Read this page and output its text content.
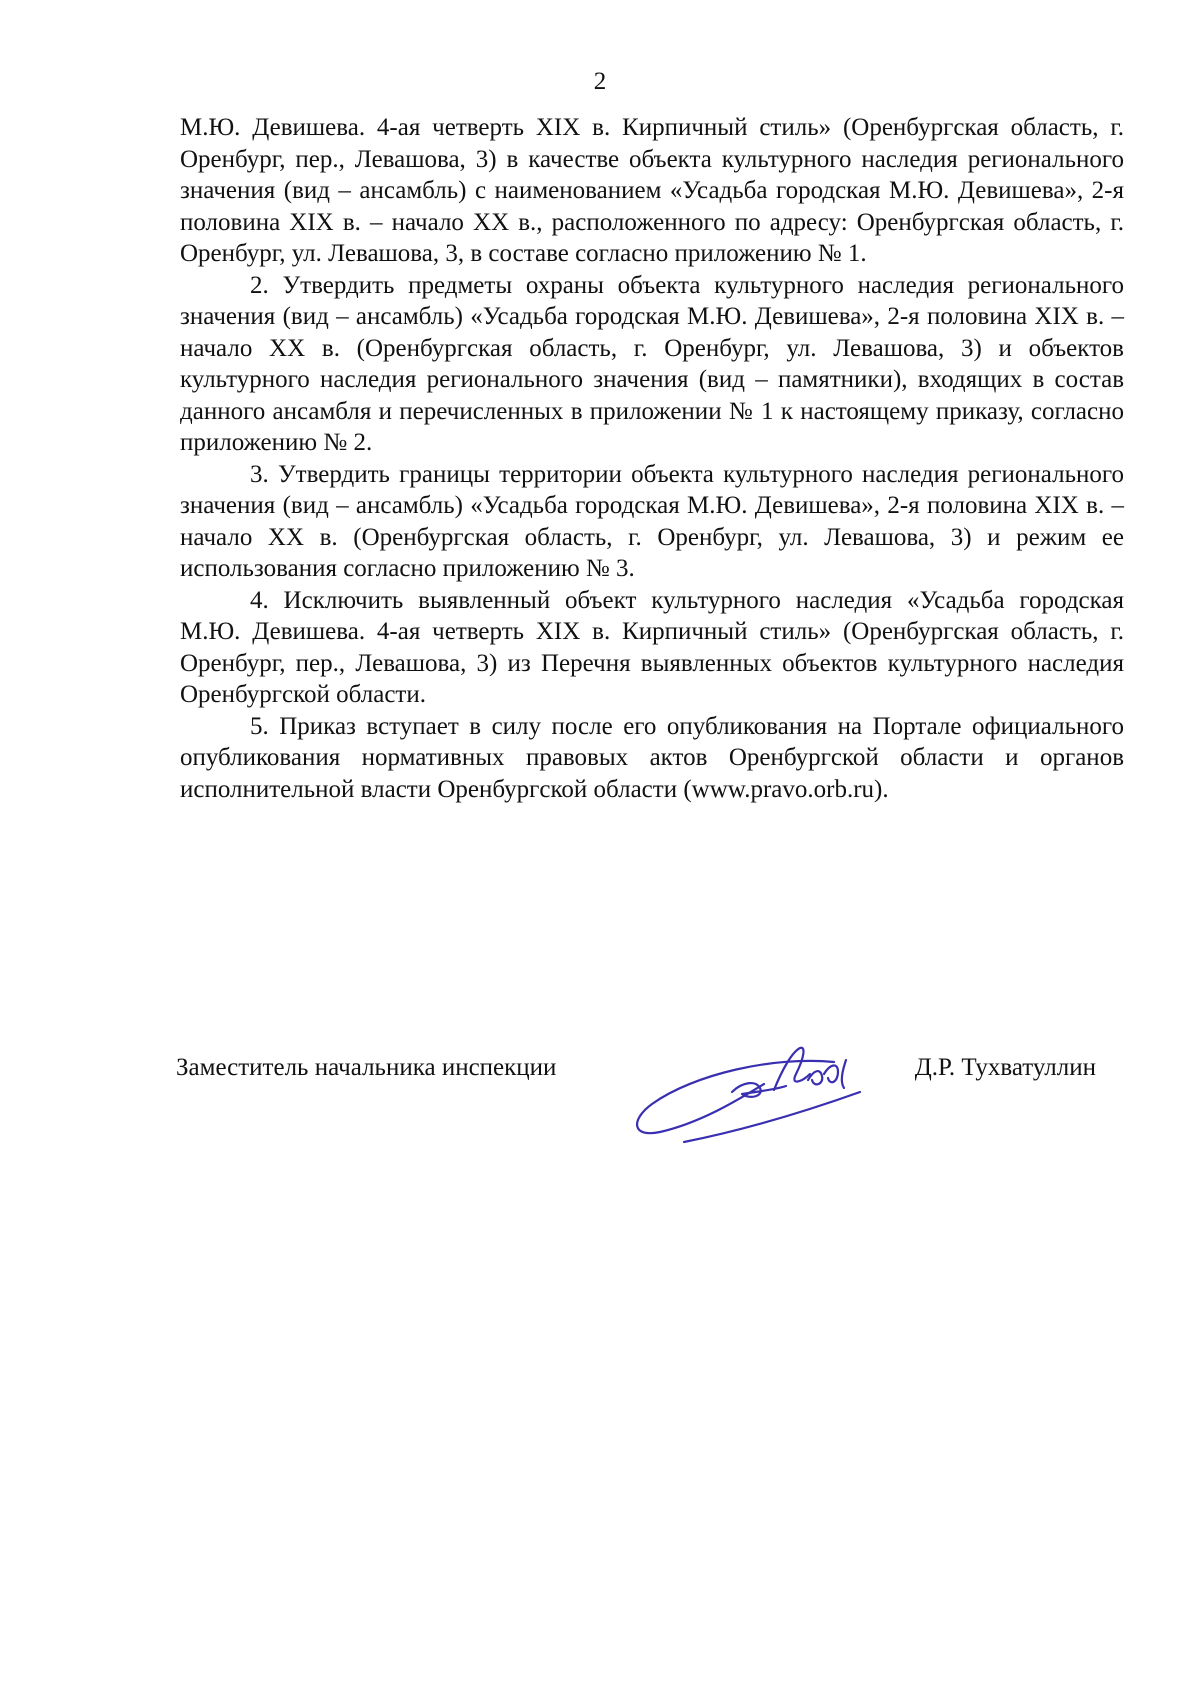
2

М.Ю. Девишева. 4-ая четверть XIX в. Кирпичный стиль» (Оренбургская область, г. Оренбург, пер., Левашова, 3) в качестве объекта культурного наследия регионального значения (вид – ансамбль) с наименованием «Усадьба городская М.Ю. Девишева», 2-я половина XIX в. – начало XX в., расположенного по адресу: Оренбургская область, г. Оренбург, ул. Левашова, 3, в составе согласно приложению № 1.

2. Утвердить предметы охраны объекта культурного наследия регионального значения (вид – ансамбль) «Усадьба городская М.Ю. Девишева», 2-я половина XIX в. – начало XX в. (Оренбургская область, г. Оренбург, ул. Левашова, 3) и объектов культурного наследия регионального значения (вид – памятники), входящих в состав данного ансамбля и перечисленных в приложении № 1 к настоящему приказу, согласно приложению № 2.

3. Утвердить границы территории объекта культурного наследия регионального значения (вид – ансамбль) «Усадьба городская М.Ю. Девишева», 2-я половина XIX в. – начало XX в. (Оренбургская область, г. Оренбург, ул. Левашова, 3) и режим ее использования согласно приложению № 3.

4. Исключить выявленный объект культурного наследия «Усадьба городская М.Ю. Девишева. 4-ая четверть XIX в. Кирпичный стиль» (Оренбургская область, г. Оренбург, пер., Левашова, 3) из Перечня выявленных объектов культурного наследия Оренбургской области.

5. Приказ вступает в силу после его опубликования на Портале официального опубликования нормативных правовых актов Оренбургской области и органов исполнительной власти Оренбургской области (www.pravo.orb.ru).

Заместитель начальника инспекции	Д.Р. Тухватуллин
